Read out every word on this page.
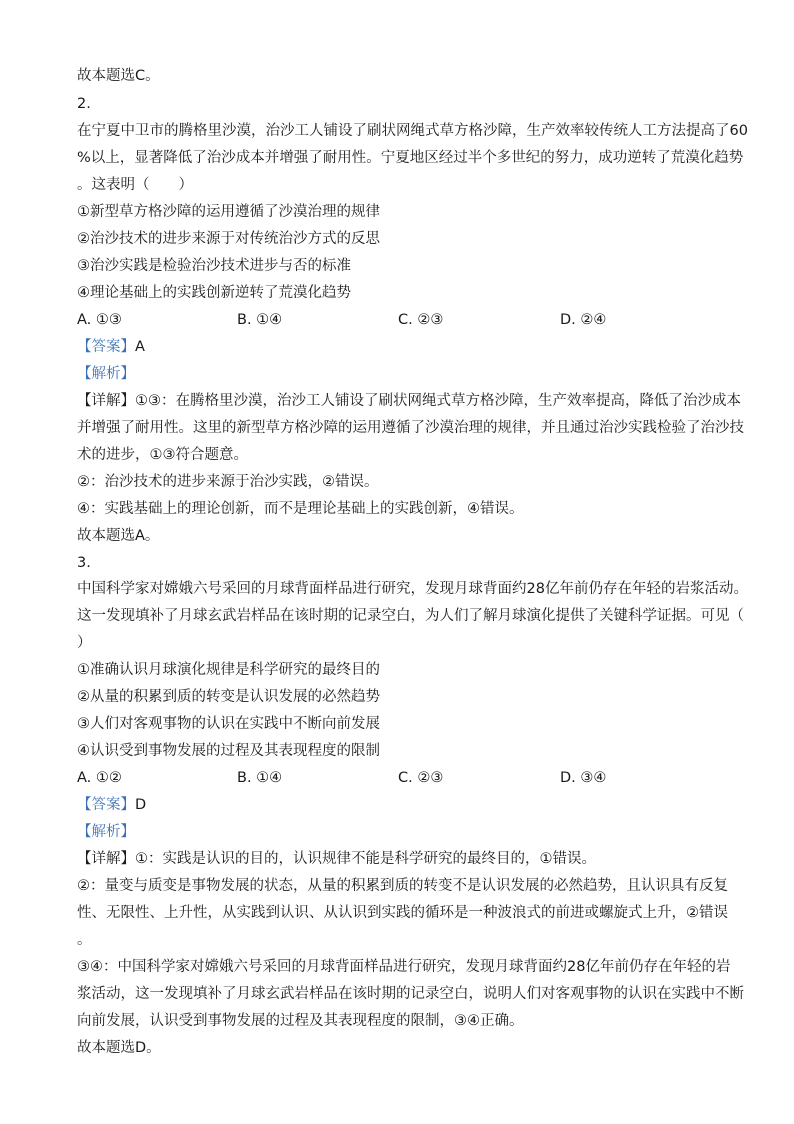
故本题选C。
2.
在宁夏中卫市的腾格里沙漠，治沙工人铺设了刷状网绳式草方格沙障，生产效率较传统人工方法提高了60
%以上，显著降低了治沙成本并增强了耐用性。宁夏地区经过半个多世纪的努力，成功逆转了荒漠化趋势
。这表明（　　）
①新型草方格沙障的运用遵循了沙漠治理的规律
②治沙技术的进步来源于对传统治沙方式的反思
③治沙实践是检验治沙技术进步与否的标准
④理论基础上的实践创新逆转了荒漠化趋势
A. ①③	B. ①④	C. ②③	D. ②④
【答案】A
【解析】
【详解】①③：在腾格里沙漠，治沙工人铺设了刷状网绳式草方格沙障，生产效率提高，降低了治沙成本
并增强了耐用性。这里的新型草方格沙障的运用遵循了沙漠治理的规律，并且通过治沙实践检验了治沙技
术的进步，①③符合题意。
②：治沙技术的进步来源于治沙实践，②错误。
④：实践基础上的理论创新，而不是理论基础上的实践创新，④错误。
故本题选A。
3.
中国科学家对嫦娥六号采回的月球背面样品进行研究，发现月球背面约28亿年前仍存在年轻的岩浆活动。
这一发现填补了月球玄武岩样品在该时期的记录空白，为人们了解月球演化提供了关键科学证据。可见（
）
①准确认识月球演化规律是科学研究的最终目的
②从量的积累到质的转变是认识发展的必然趋势
③人们对客观事物的认识在实践中不断向前发展
④认识受到事物发展的过程及其表现程度的限制
A. ①②	B. ①④	C. ②③	D. ③④
【答案】D
【解析】
【详解】①：实践是认识的目的，认识规律不能是科学研究的最终目的，①错误。
②：量变与质变是事物发展的状态，从量的积累到质的转变不是认识发展的必然趋势，且认识具有反复
性、无限性、上升性，从实践到认识、从认识到实践的循环是一种波浪式的前进或螺旋式上升，②错误
。
③④：中国科学家对嫦娥六号采回的月球背面样品进行研究，发现月球背面约28亿年前仍存在年轻的岩
浆活动，这一发现填补了月球玄武岩样品在该时期的记录空白，说明人们对客观事物的认识在实践中不断
向前发展，认识受到事物发展的过程及其表现程度的限制，③④正确。
故本题选D。
